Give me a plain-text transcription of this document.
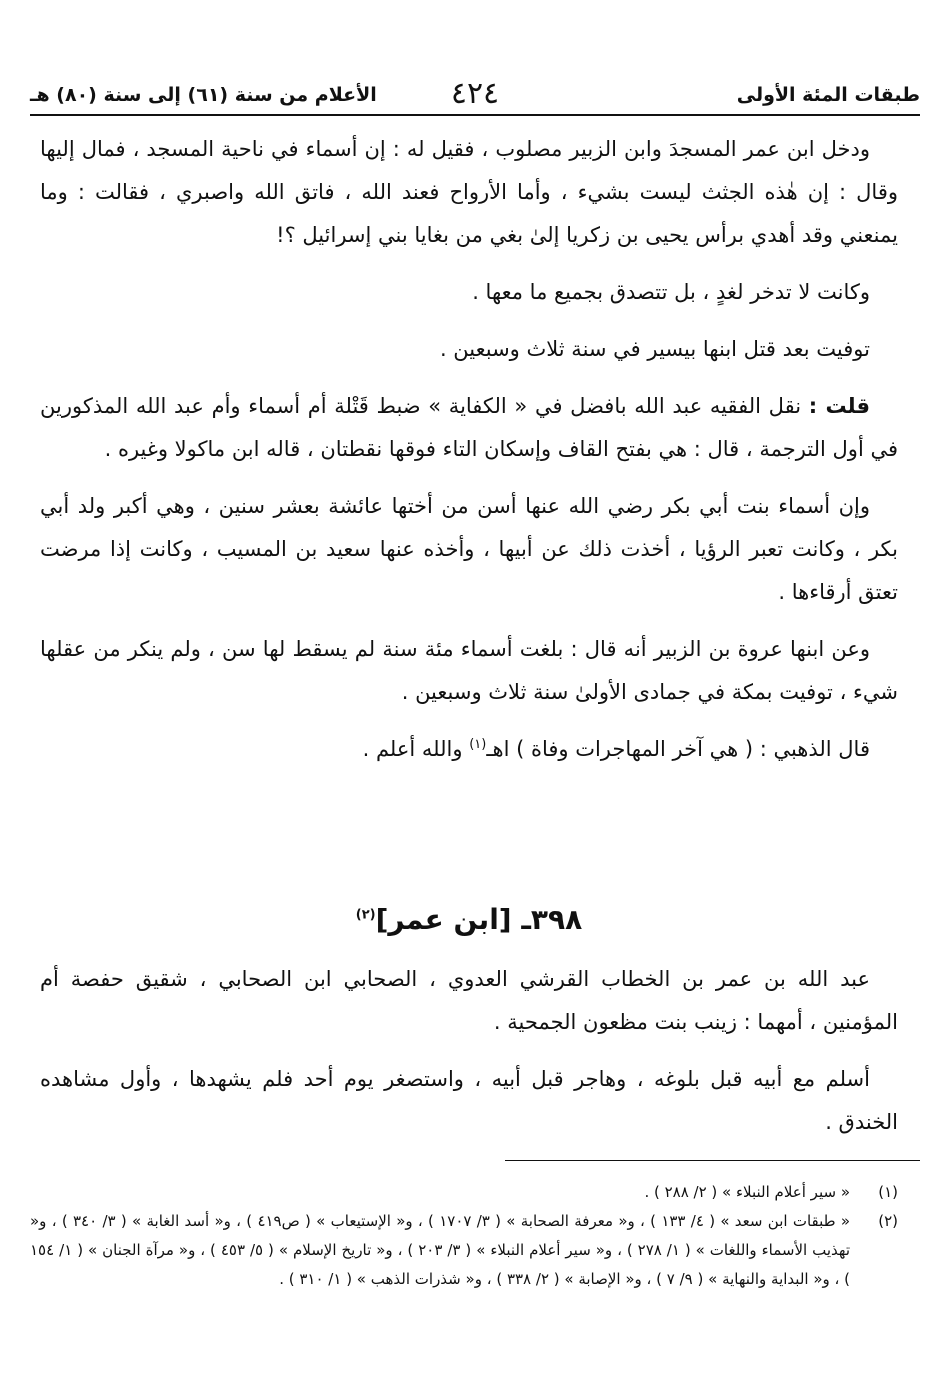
طبقات المئة الأولى
٤٢٤
الأعلام من سنة (٦١) إلى سنة (٨٠) هـ

ودخل ابن عمر المسجدَ وابن الزبير مصلوب ، فقيل له : إن أسماء في ناحية المسجد ، فمال إليها وقال : إن هٰذه الجثث ليست بشيء ، وأما الأرواح فعند الله ، فاتق الله واصبري ، فقالت : وما يمنعني وقد أهدي برأس يحيى بن زكريا إلىٰ بغي من بغايا بني إسرائيل ؟!

وكانت لا تدخر لغدٍ ، بل تتصدق بجميع ما معها .

توفيت بعد قتل ابنها بيسير في سنة ثلاث وسبعين .

قلت : نقل الفقيه عبد الله بافضل في « الكفاية » ضبط قَتْلة أم أسماء وأم عبد الله المذكورين في أول الترجمة ، قال : هي بفتح القاف وإسكان التاء فوقها نقطتان ، قاله ابن ماكولا وغيره .

وإن أسماء بنت أبي بكر رضي الله عنها أسن من أختها عائشة بعشر سنين ، وهي أكبر ولد أبي بكر ، وكانت تعبر الرؤيا ، أخذت ذلك عن أبيها ، وأخذه عنها سعيد بن المسيب ، وكانت إذا مرضت تعتق أرقاءها .

وعن ابنها عروة بن الزبير أنه قال : بلغت أسماء مئة سنة لم يسقط لها سن ، ولم ينكر من عقلها شيء ، توفيت بمكة في جمادى الأولىٰ سنة ثلاث وسبعين .

قال الذهبي : ( هي آخر المهاجرات وفاة ) اهـ$^{(١)}$ والله أعلم .

٣٩٨ـ [ابن عمر]$^{(٢)}$

عبد الله بن عمر بن الخطاب القرشي العدوي ، الصحابي ابن الصحابي ، شقيق حفصة أم المؤمنين ، أمهما : زينب بنت مظعون الجمحية .

أسلم مع أبيه قبل بلوغه ، وهاجر قبل أبيه ، واستصغر يوم أحد فلم يشهدها ، وأول مشاهده الخندق .

(١)
« سير أعلام النبلاء » ( ٢/ ٢٨٨ ) .

(٢)
« طبقات ابن سعد » ( ٤/ ١٣٣ ) ، و« معرفة الصحابة » ( ٣/ ١٧٠٧ ) ، و« الإستيعاب » ( ص٤١٩ ) ، و« أسد الغابة » ( ٣/ ٣٤٠ ) ، و« تهذيب الأسماء واللغات » ( ١/ ٢٧٨ ) ، و« سير أعلام النبلاء » ( ٣/ ٢٠٣ ) ، و« تاريخ الإسلام » ( ٥/ ٤٥٣ ) ، و« مرآة الجنان » ( ١/ ١٥٤ ) ، و« البداية والنهاية » ( ٩/ ٧ ) ، و« الإصابة » ( ٢/ ٣٣٨ ) ، و« شذرات الذهب » ( ١/ ٣١٠ ) .
